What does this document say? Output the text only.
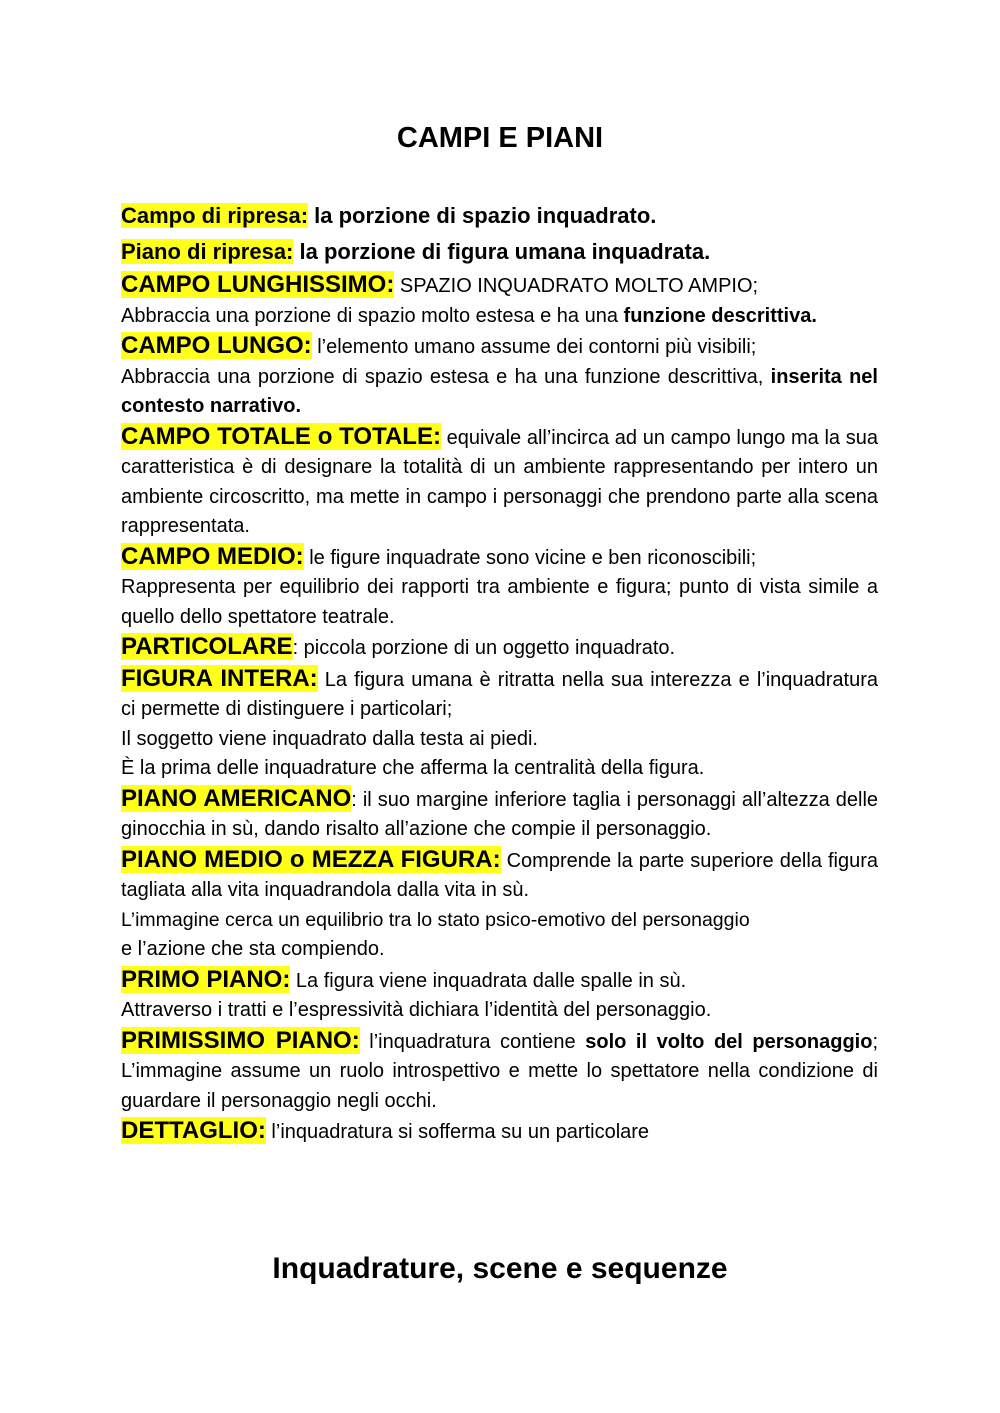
CAMPI E PIANI

Campo di ripresa: la porzione di spazio inquadrato.

Piano di ripresa: la porzione di figura umana inquadrata.

CAMPO LUNGHISSIMO: SPAZIO INQUADRATO MOLTO AMPIO;
Abbraccia una porzione di spazio molto estesa e ha una funzione descrittiva.

CAMPO LUNGO: l’elemento umano assume dei contorni più visibili;
Abbraccia una porzione di spazio estesa e ha una funzione descrittiva, inserita nel contesto narrativo.

CAMPO TOTALE o TOTALE: equivale all’incirca ad un campo lungo ma la sua caratteristica è di designare la totalità di un ambiente rappresentando per intero un ambiente circoscritto, ma mette in campo i personaggi che prendono parte alla scena rappresentata.

CAMPO MEDIO: le figure inquadrate sono vicine e ben riconoscibili;
Rappresenta per equilibrio dei rapporti tra ambiente e figura; punto di vista simile a quello dello spettatore teatrale.

PARTICOLARE: piccola porzione di un oggetto inquadrato.

FIGURA INTERA: La figura umana è ritratta nella sua interezza e l’inquadratura ci permette di distinguere i particolari;
Il soggetto viene inquadrato dalla testa ai piedi.
È la prima delle inquadrature che afferma la centralità della figura.

PIANO AMERICANO: il suo margine inferiore taglia i personaggi all’altezza delle ginocchia in sù, dando risalto all’azione che compie il personaggio.

PIANO MEDIO o MEZZA FIGURA: Comprende la parte superiore della figura tagliata alla vita inquadrandola dalla vita in sù.
L’immagine cerca un equilibrio tra lo stato psico-emotivo del personaggio
e l’azione che sta compiendo.

PRIMO PIANO: La figura viene inquadrata dalle spalle in sù.
Attraverso i tratti e l’espressività dichiara l’identità del personaggio.

PRIMISSIMO PIANO: l’inquadratura contiene solo il volto del personaggio; L’immagine assume un ruolo introspettivo e mette lo spettatore nella condizione di guardare il personaggio negli occhi.

DETTAGLIO: l’inquadratura si sofferma su un particolare

Inquadrature, scene e sequenze
